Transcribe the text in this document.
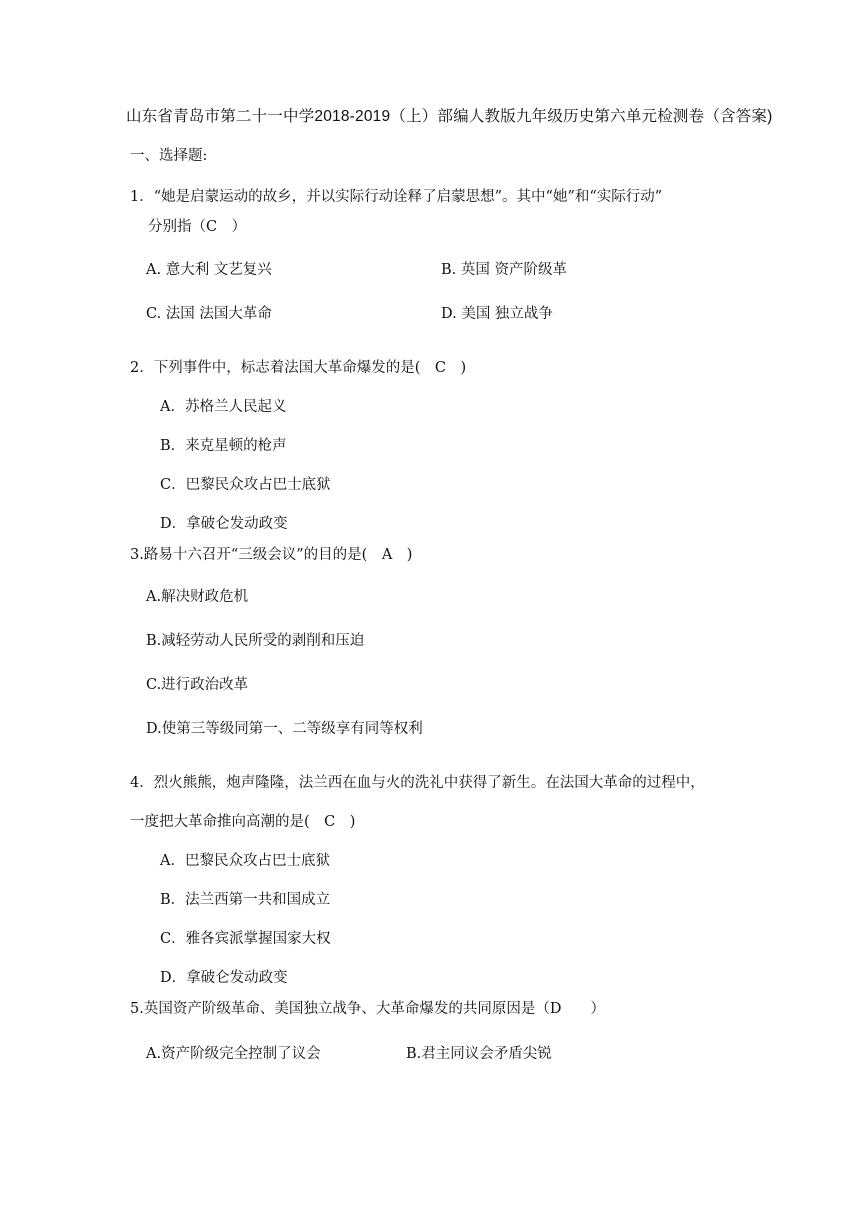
山东省青岛市第二十一中学2018-2019（上）部编人教版九年级历史第六单元检测卷（含答案)
一、选择题:
1．“她是启蒙运动的故乡，并以实际行动诠释了启蒙思想”。其中“她”和“实际行动”
分别指（C　）
A. 意大利 文艺复兴	B. 英国 资产阶级革
C. 法国 法国大革命	D. 美国 独立战争
2．下列事件中，标志着法国大革命爆发的是(　C　)
A．苏格兰人民起义
B．来克星顿的枪声
C．巴黎民众攻占巴士底狱
D．拿破仑发动政变
3.路易十六召开“三级会议”的目的是(　A　)
A.解决财政危机
B.减轻劳动人民所受的剥削和压迫
C.进行政治改革
D.使第三等级同第一、二等级享有同等权利
4．烈火熊熊，炮声隆隆，法兰西在血与火的洗礼中获得了新生。在法国大革命的过程中，
一度把大革命推向高潮的是(　C　)
A．巴黎民众攻占巴士底狱
B．法兰西第一共和国成立
C．雅各宾派掌握国家大权
D．拿破仑发动政变
5.英国资产阶级革命、美国独立战争、大革命爆发的共同原因是（D　　）
A.资产阶级完全控制了议会	B.君主同议会矛盾尖锐
